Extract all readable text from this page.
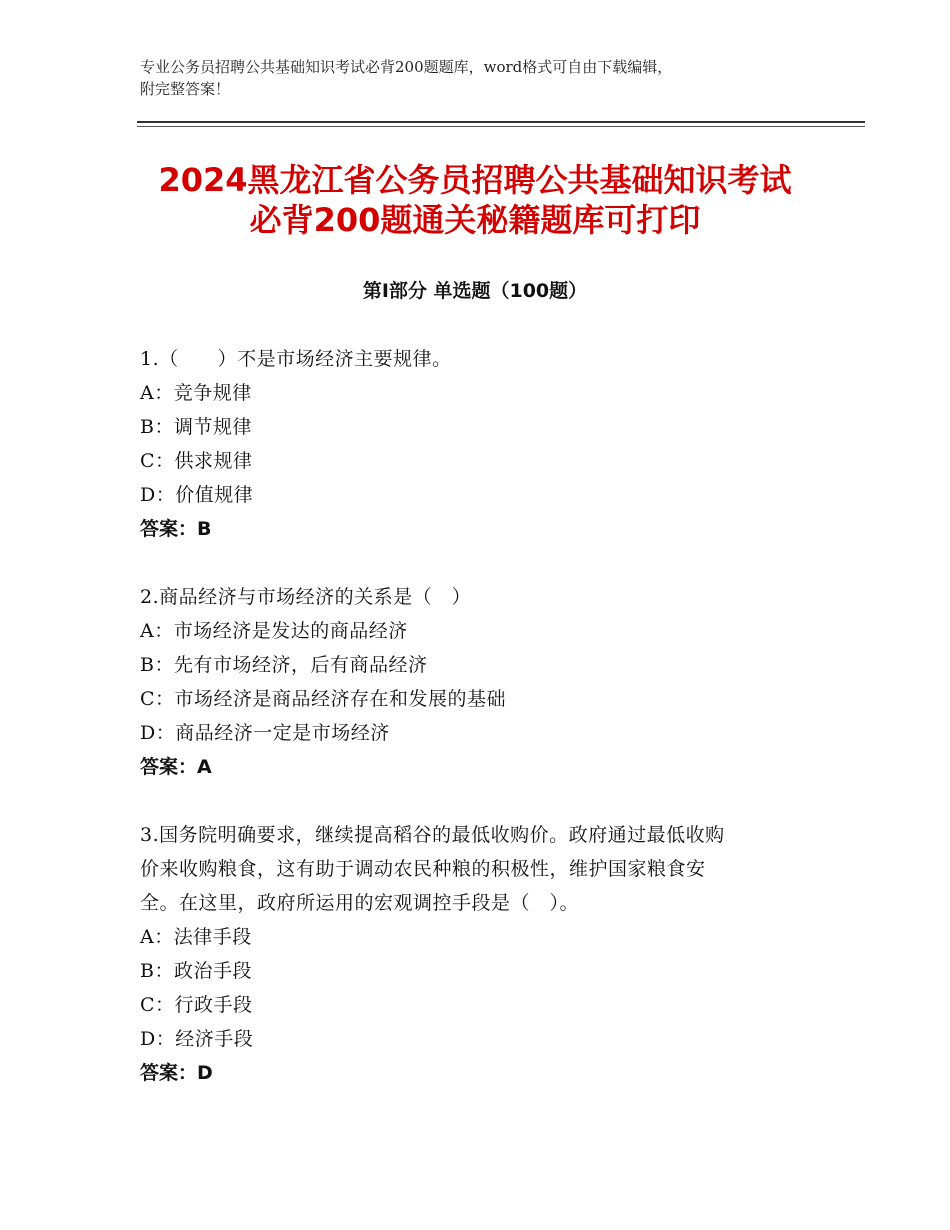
专业公务员招聘公共基础知识考试必背200题题库，word格式可自由下载编辑，
附完整答案！
2024黑龙江省公务员招聘公共基础知识考试
必背200题通关秘籍题库可打印
第Ⅰ部分 单选题（100题）
1.（　　）不是市场经济主要规律。
A：竞争规律
B：调节规律
C：供求规律
D：价值规律
答案：B
2.商品经济与市场经济的关系是（　）
A：市场经济是发达的商品经济
B：先有市场经济，后有商品经济
C：市场经济是商品经济存在和发展的基础
D：商品经济一定是市场经济
答案：A
3.国务院明确要求，继续提高稻谷的最低收购价。政府通过最低收购
价来收购粮食，这有助于调动农民种粮的积极性，维护国家粮食安
全。在这里，政府所运用的宏观调控手段是（　）。
A：法律手段
B：政治手段
C：行政手段
D：经济手段
答案：D
